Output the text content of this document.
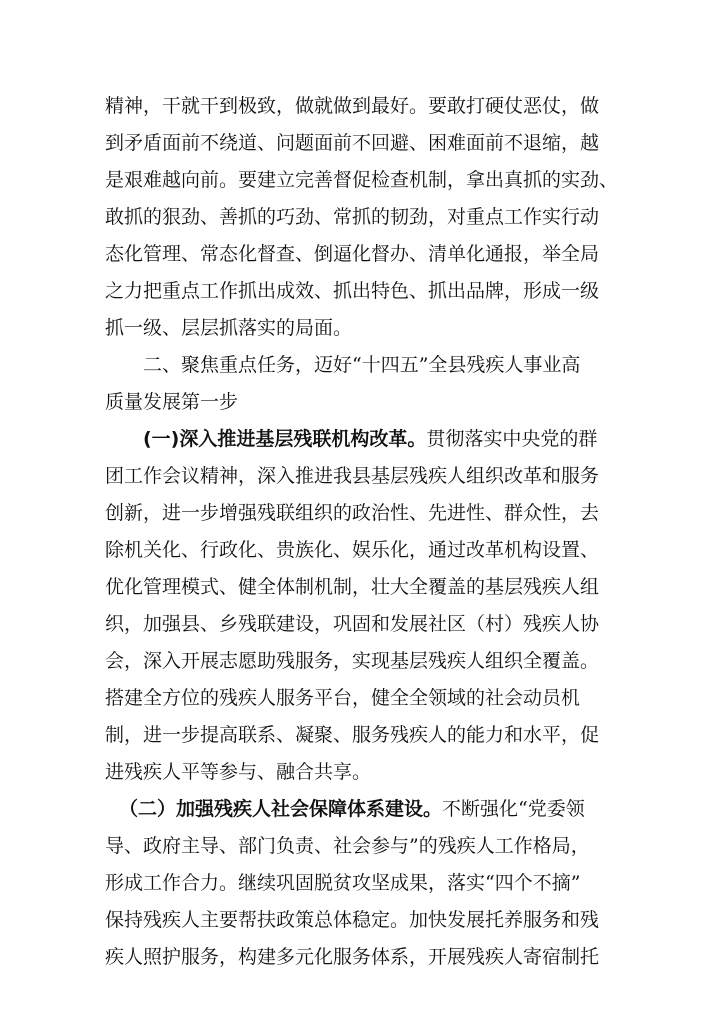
精神，干就干到极致，做就做到最好。要敢打硬仗恶仗，做
到矛盾面前不绕道、问题面前不回避、困难面前不退缩，越
是艰难越向前。要建立完善督促检查机制，拿出真抓的实劲、
敢抓的狠劲、善抓的巧劲、常抓的韧劲，对重点工作实行动
态化管理、常态化督查、倒逼化督办、清单化通报，举全局
之力把重点工作抓出成效、抓出特色、抓出品牌，形成一级
抓一级、层层抓落实的局面。

二、聚焦重点任务，迈好“十四五”全县残疾人事业高
质量发展第一步

(一)深入推进基层残联机构改革。贯彻落实中央党的群
团工作会议精神，深入推进我县基层残疾人组织改革和服务
创新，进一步增强残联组织的政治性、先进性、群众性，去
除机关化、行政化、贵族化、娱乐化，通过改革机构设置、
优化管理模式、健全体制机制，壮大全覆盖的基层残疾人组
织，加强县、乡残联建设，巩固和发展社区（村）残疾人协
会，深入开展志愿助残服务，实现基层残疾人组织全覆盖。
搭建全方位的残疾人服务平台，健全全领域的社会动员机
制，进一步提高联系、凝聚、服务残疾人的能力和水平，促
进残疾人平等参与、融合共享。

（二）加强残疾人社会保障体系建设。不断强化“党委领
导、政府主导、部门负责、社会参与”的残疾人工作格局，
形成工作合力。继续巩固脱贫攻坚成果，落实“四个不摘”
保持残疾人主要帮扶政策总体稳定。加快发展托养服务和残
疾人照护服务，构建多元化服务体系，开展残疾人寄宿制托
